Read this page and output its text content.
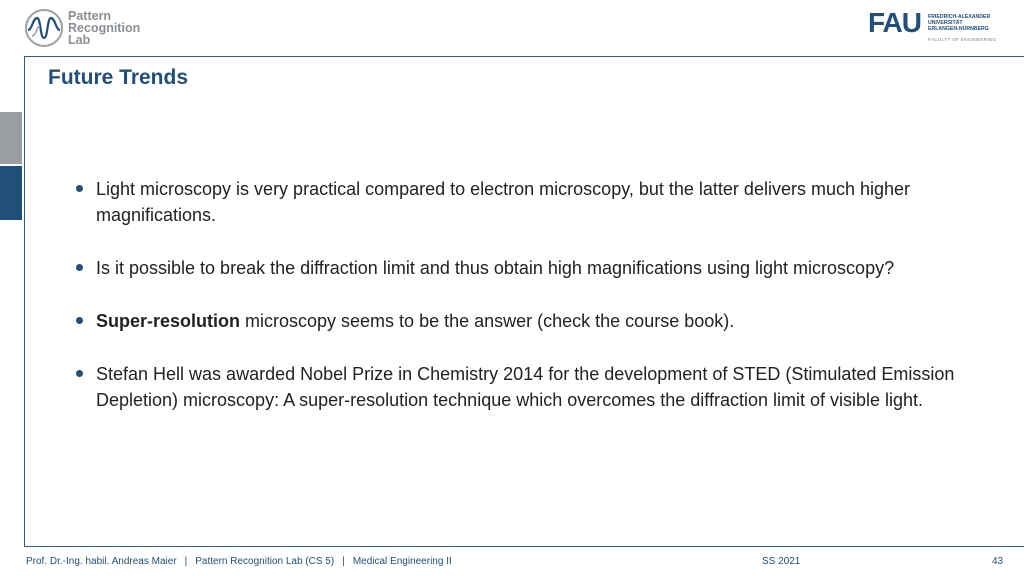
Pattern
Recognition
Lab
FAU FRIEDRICH-ALEXANDER
UNIVERSITÄT
ERLANGEN-NÜRNBERG
FACULTY OF ENGINEERING
Future Trends
Light microscopy is very practical compared to electron microscopy, but the latter delivers much higher magnifications.
Is it possible to break the diffraction limit and thus obtain high magnifications using light microscopy?
Super-resolution microscopy seems to be the answer (check the course book).
Stefan Hell was awarded Nobel Prize in Chemistry 2014 for the development of STED (Stimulated Emission Depletion) microscopy: A super-resolution technique which overcomes the diffraction limit of visible light.
Prof. Dr.-Ing. habil. Andreas Maier | Pattern Recognition Lab (CS 5) | Medical Engineering II	SS 2021	43
